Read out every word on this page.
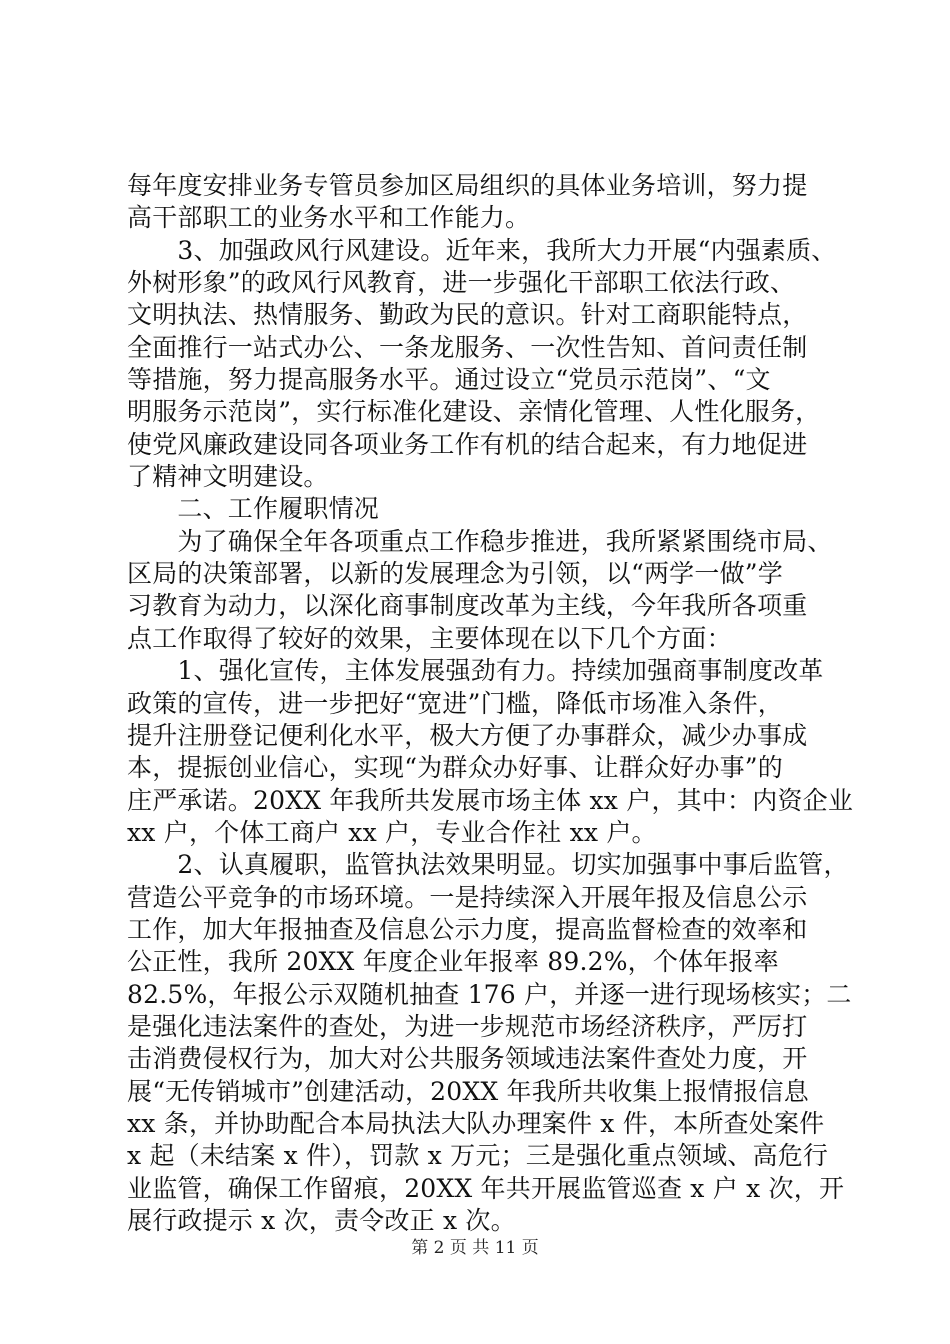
每年度安排业务专管员参加区局组织的具体业务培训，努力提
高干部职工的业务水平和工作能力。
　　3、加强政风行风建设。近年来，我所大力开展“内强素质、
外树形象”的政风行风教育，进一步强化干部职工依法行政、
文明执法、热情服务、勤政为民的意识。针对工商职能特点，
全面推行一站式办公、一条龙服务、一次性告知、首问责任制
等措施，努力提高服务水平。通过设立“党员示范岗”、“文
明服务示范岗”，实行标准化建设、亲情化管理、人性化服务，
使党风廉政建设同各项业务工作有机的结合起来，有力地促进
了精神文明建设。
　　二、工作履职情况
　　为了确保全年各项重点工作稳步推进，我所紧紧围绕市局、
区局的决策部署，以新的发展理念为引领，以“两学一做”学
习教育为动力，以深化商事制度改革为主线，今年我所各项重
点工作取得了较好的效果，主要体现在以下几个方面：
　　1、强化宣传，主体发展强劲有力。持续加强商事制度改革
政策的宣传，进一步把好“宽进”门槛，降低市场准入条件，
提升注册登记便利化水平，极大方便了办事群众，减少办事成
本，提振创业信心，实现“为群众办好事、让群众好办事”的
庄严承诺。20XX 年我所共发展市场主体 xx 户，其中：内资企业
xx 户，个体工商户 xx 户，专业合作社 xx 户。
　　2、认真履职，监管执法效果明显。切实加强事中事后监管，
营造公平竞争的市场环境。一是持续深入开展年报及信息公示
工作，加大年报抽查及信息公示力度，提高监督检查的效率和
公正性，我所 20XX 年度企业年报率 89.2%，个体年报率
82.5%，年报公示双随机抽查 176 户，并逐一进行现场核实；二
是强化违法案件的查处，为进一步规范市场经济秩序，严厉打
击消费侵权行为，加大对公共服务领域违法案件查处力度，开
展“无传销城市”创建活动，20XX 年我所共收集上报情报信息
xx 条，并协助配合本局执法大队办理案件 x 件，本所查处案件
x 起（未结案 x 件），罚款 x 万元；三是强化重点领域、高危行
业监管，确保工作留痕，20XX 年共开展监管巡查 x 户 x 次，开
展行政提示 x 次，责令改正 x 次。
第 2 页 共 11 页
